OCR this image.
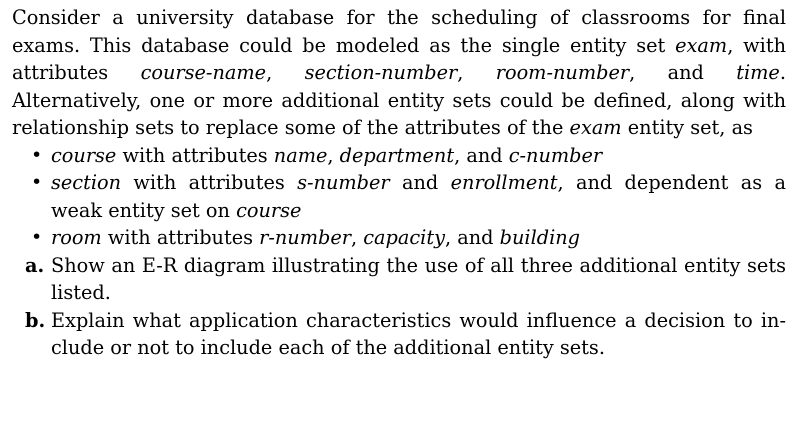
Consider a university database for the scheduling of classrooms for final exams. This database could be modeled as the single entity set exam, with attributes course-name, section-number, room-number, and time. Alternatively, one or more additional entity sets could be defined, along with relationship sets to replace some of the attributes of the exam entity set, as

• course with attributes name, department, and c-number
• section with attributes s-number and enrollment, and dependent as a weak entity set on course
• room with attributes r-number, capacity, and building
a. Show an E-R diagram illustrating the use of all three additional entity sets listed.
b. Explain what application characteristics would influence a decision to in- clude or not to include each of the additional entity sets.
